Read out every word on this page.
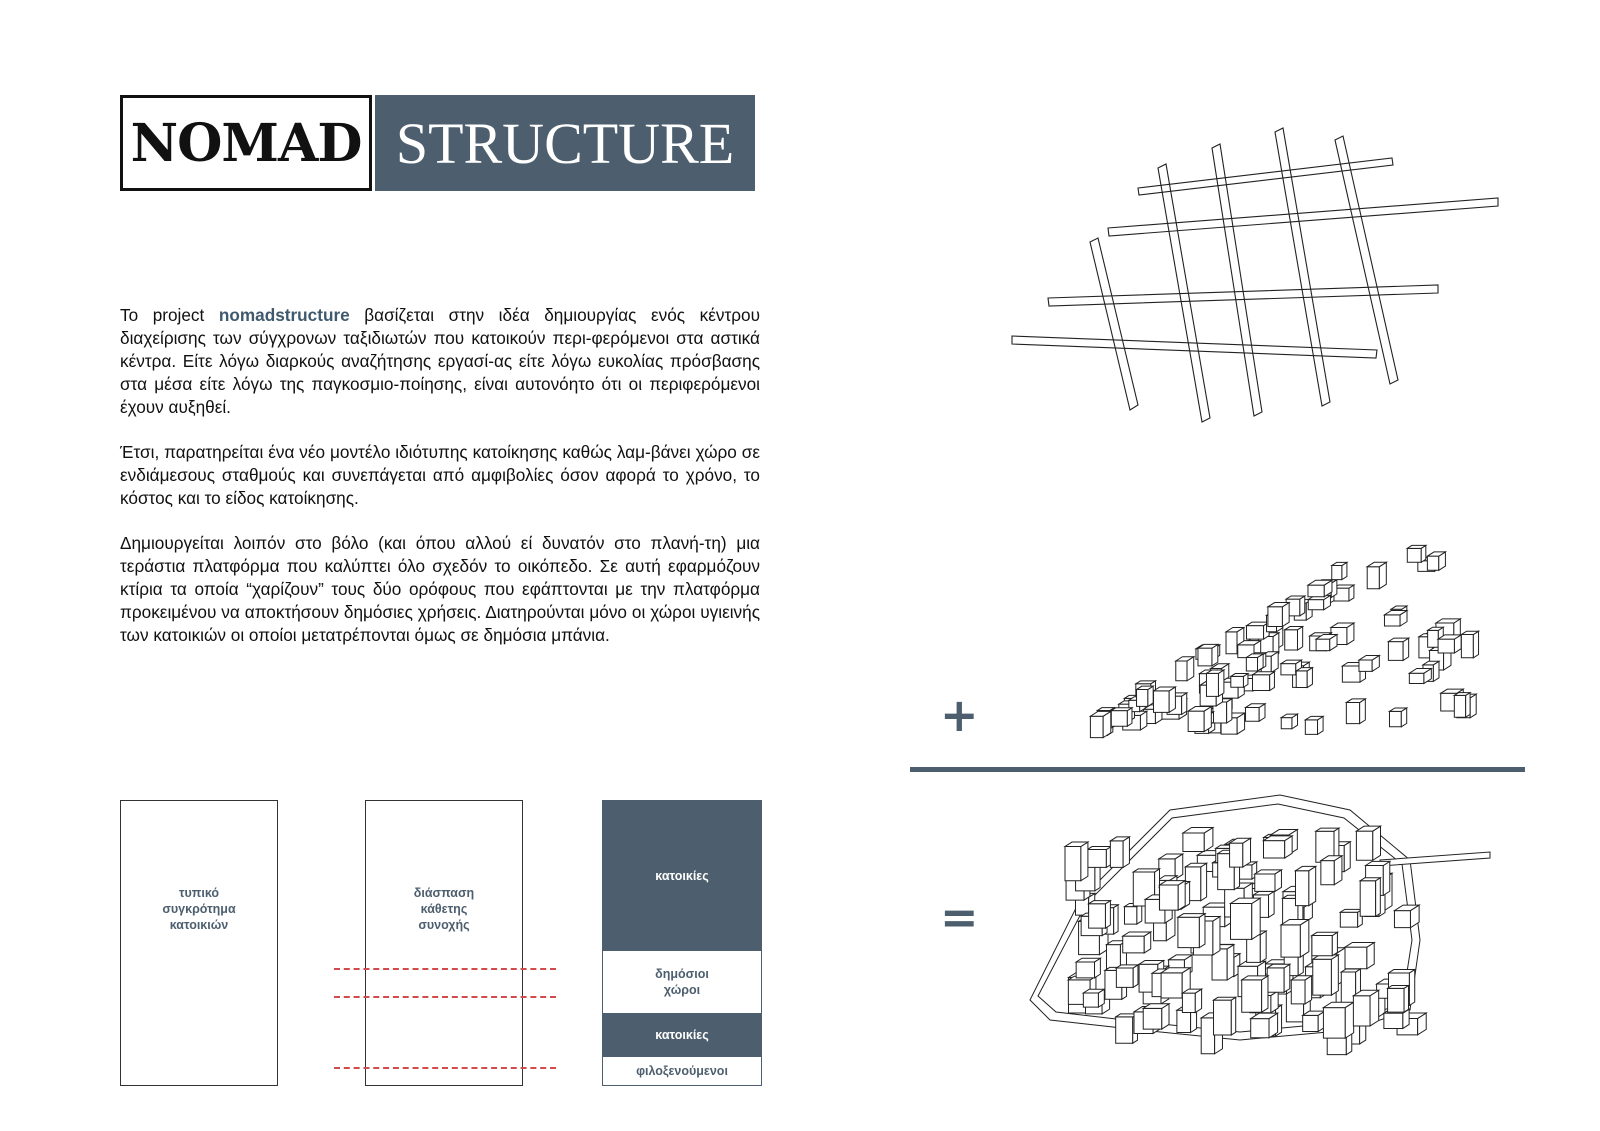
NOMAD STRUCTURE

Το project nomadstructure βασίζεται στην ιδέα δημιουργίας ενός κέντρου διαχείρισης των σύγχρονων ταξιδιωτών που κατοικούν περι-φερόμενοι στα αστικά κέντρα. Είτε λόγω διαρκούς αναζήτησης εργασί-ας είτε λόγω ευκολίας πρόσβασης στα μέσα είτε λόγω της παγκοσμιο-ποίησης, είναι αυτονόητο ότι οι περιφερόμενοι έχουν αυξηθεί.

Έτσι, παρατηρείται ένα νέο μοντέλο ιδιότυπης κατοίκησης καθώς λαμ-βάνει χώρο σε ενδιάμεσους σταθμούς και συνεπάγεται από αμφιβολίες όσον αφορά το χρόνο, το κόστος και το είδος κατοίκησης.

Δημιουργείται λοιπόν στο βόλο (και όπου αλλού εί δυνατόν στο πλανή-τη) μια τεράστια πλατφόρμα που καλύπτει όλο σχεδόν το οικόπεδο. Σε αυτή εφαρμόζουν κτίρια τα οποία “χαρίζουν” τους δύο ορόφους που εφάπτονται με την πλατφόρμα προκειμένου να αποκτήσουν δημόσιες χρήσεις. Διατηρούνται μόνο οι χώροι υγιεινής των κατοικιών οι οποίοι μετατρέπονται όμως σε δημόσια μπάνια.

τυπικό
συγκρότημα
κατοικιών
διάσπαση
κάθετης
συνοχής
κατοικίες
δημόσιοι
χώροι
κατοικίες
φιλοξενούμενοι
+
=
